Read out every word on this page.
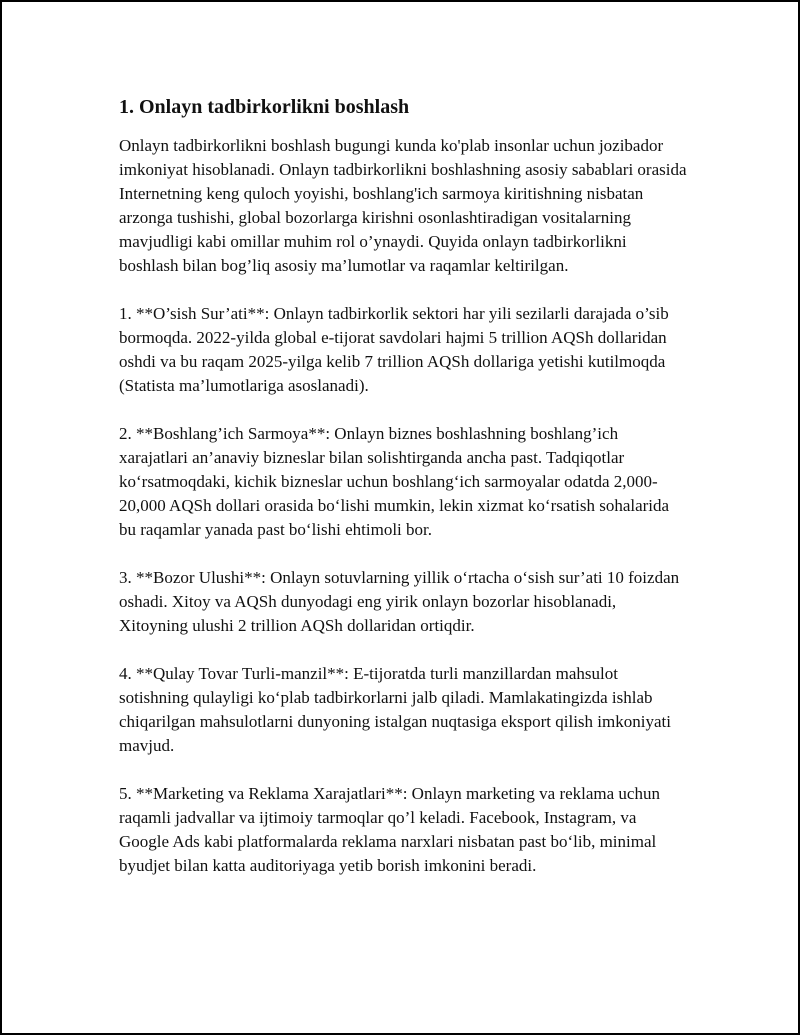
1. Onlayn tadbirkorlikni boshlash

Onlayn tadbirkorlikni boshlash bugungi kunda ko'plab insonlar uchun jozibador imkoniyat hisoblanadi. Onlayn tadbirkorlikni boshlashning asosiy sabablari orasida Internetning keng quloch yoyishi, boshlang'ich sarmoya kiritishning nisbatan arzonga tushishi, global bozorlarga kirishni osonlashtiradigan vositalarning mavjudligi kabi omillar muhim rol o’ynaydi. Quyida onlayn tadbirkorlikni boshlash bilan bog’liq asosiy ma’lumotlar va raqamlar keltirilgan.

1. **O’sish Sur’ati**: Onlayn tadbirkorlik sektori har yili sezilarli darajada o’sib bormoqda. 2022-yilda global e-tijorat savdolari hajmi 5 trillion AQSh dollaridan oshdi va bu raqam 2025-yilga kelib 7 trillion AQSh dollariga yetishi kutilmoqda (Statista ma’lumotlariga asoslanadi).

2. **Boshlang’ich Sarmoya**: Onlayn biznes boshlashning boshlang’ich xarajatlari an’anaviy bizneslar bilan solishtirganda ancha past. Tadqiqotlar ko‘rsatmoqdaki, kichik bizneslar uchun boshlang‘ich sarmoyalar odatda 2,000-20,000 AQSh dollari orasida bo‘lishi mumkin, lekin xizmat ko‘rsatish sohalarida bu raqamlar yanada past bo‘lishi ehtimoli bor.

3. **Bozor Ulushi**: Onlayn sotuvlarning yillik o‘rtacha o‘sish sur’ati 10 foizdan oshadi. Xitoy va AQSh dunyodagi eng yirik onlayn bozorlar hisoblanadi, Xitoyning ulushi 2 trillion AQSh dollaridan ortiqdir.

4. **Qulay Tovar Turli-manzil**: E-tijoratda turli manzillardan mahsulot sotishning qulayligi ko‘plab tadbirkorlarni jalb qiladi. Mamlakatingizda ishlab chiqarilgan mahsulotlarni dunyoning istalgan nuqtasiga eksport qilish imkoniyati mavjud.

5. **Marketing va Reklama Xarajatlari**: Onlayn marketing va reklama uchun raqamli jadvallar va ijtimoiy tarmoqlar qo’l keladi. Facebook, Instagram, va Google Ads kabi platformalarda reklama narxlari nisbatan past bo‘lib, minimal byudjet bilan katta auditoriyaga yetib borish imkonini beradi.
